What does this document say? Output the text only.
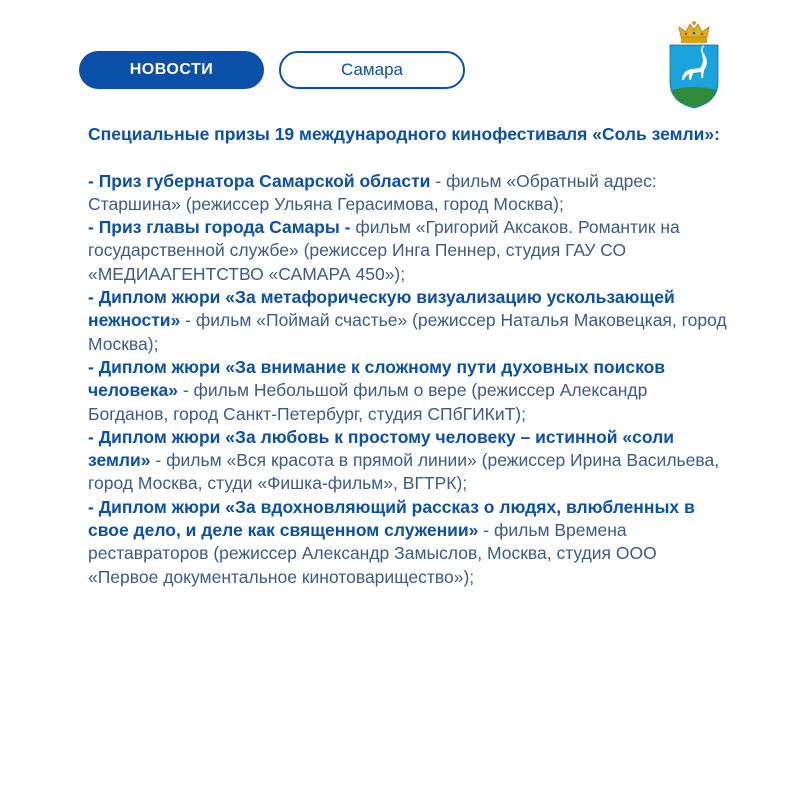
НОВОСТИ	Самара

Специальные призы 19 международного кинофестиваля «Соль земли»:

- Приз губернатора Самарской области - фильм «Обратный адрес: Старшина» (режиссер Ульяна Герасимова, город Москва);

- Приз главы города Самары - фильм «Григорий Аксаков. Романтик на государственной службе» (режиссер Инга Пеннер, студия ГАУ СО «МЕДИААГЕНТСТВО «САМАРА 450»);

- Диплом жюри «За метафорическую визуализацию ускользающей нежности» - фильм «Поймай счастье» (режиссер Наталья Маковецкая, город Москва);

- Диплом жюри «За внимание к сложному пути духовных поисков человека» - фильм Небольшой фильм о вере (режиссер Александр Богданов, город Санкт-Петербург, студия СПбГИКиТ);

- Диплом жюри «За любовь к простому человеку – истинной «соли земли» - фильм «Вся красота в прямой линии» (режиссер Ирина Васильева, город Москва, студи «Фишка-фильм», ВГТРК);

- Диплом жюри «За вдохновляющий рассказ о людях, влюбленных в свое дело, и деле как священном служении» - фильм Времена реставраторов (режиссер Александр Замыслов, Москва, студия ООО «Первое документальное кинотоварищество»);
